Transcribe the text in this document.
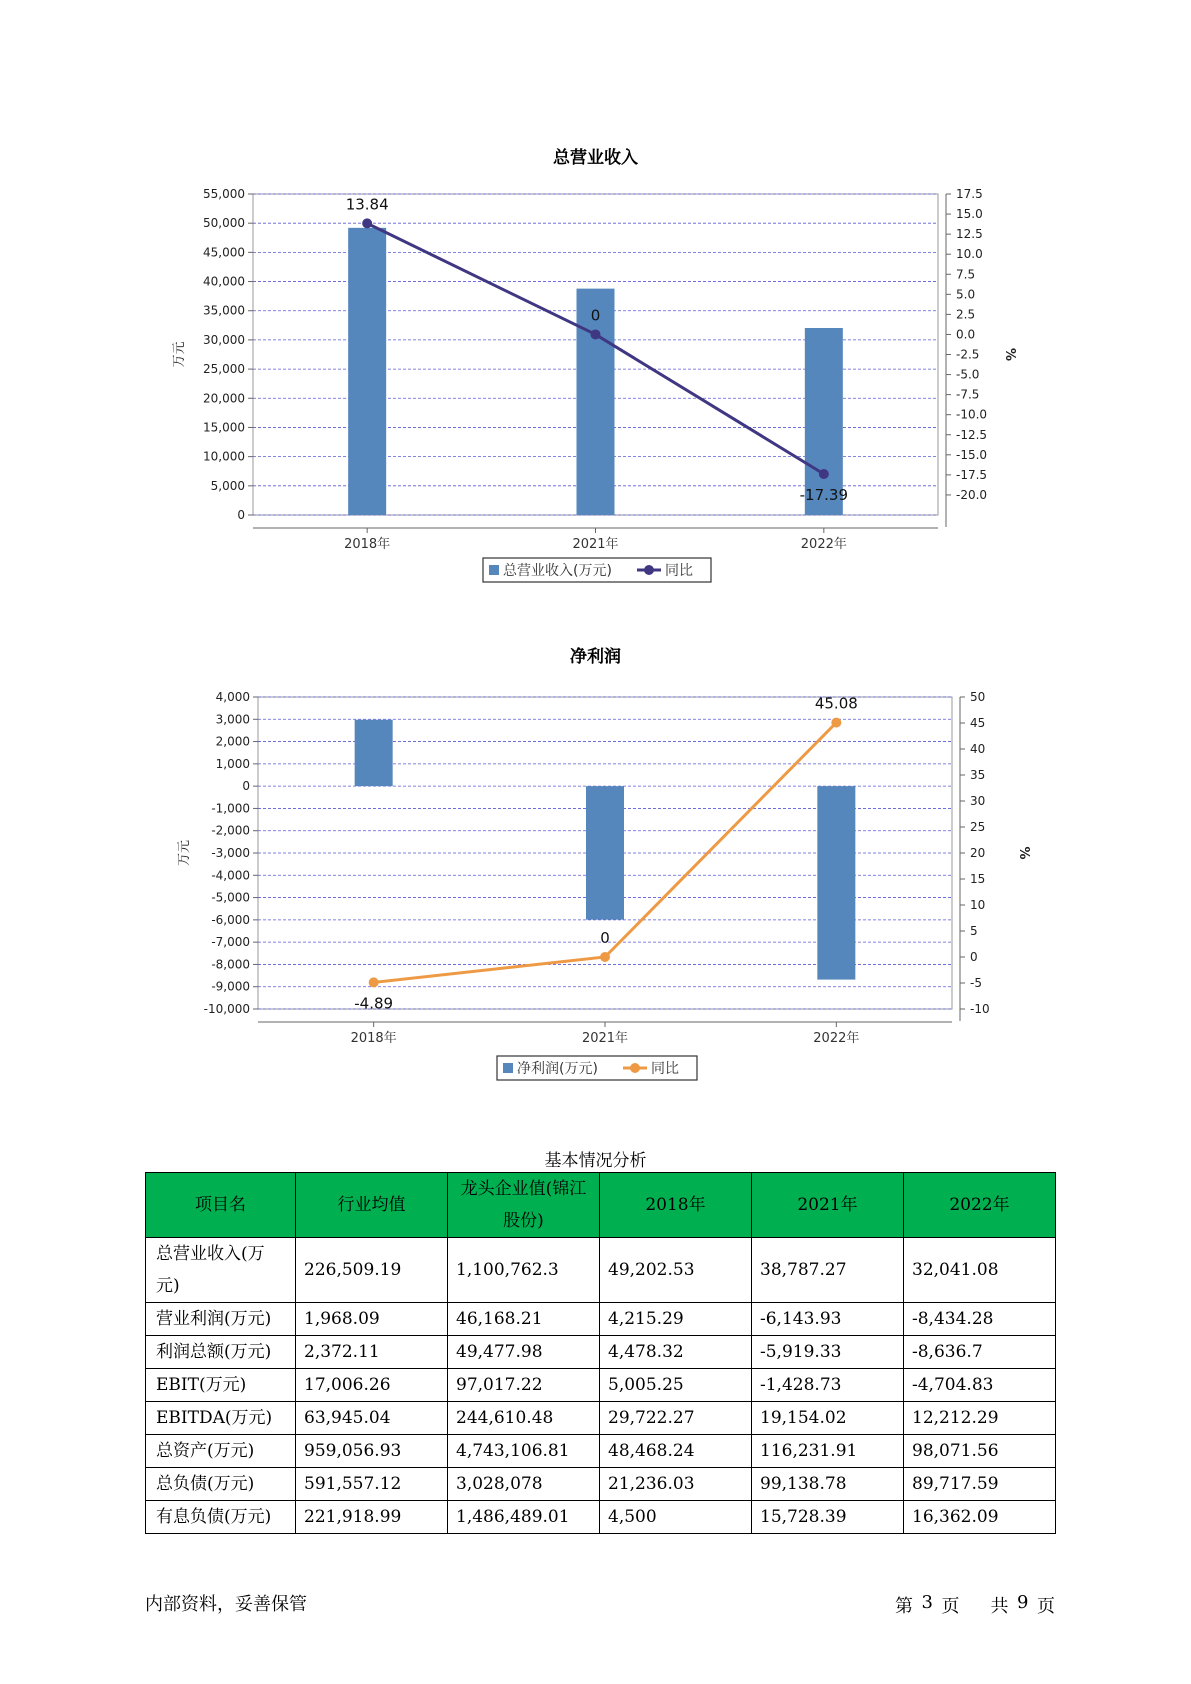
总营业收入
0
5,000
10,000
15,000
20,000
25,000
30,000
35,000
40,000
45,000
50,000
55,000	17.5
15.0
12.5
10.0
7.5
5.0
2.5
0.0
-2.5
-5.0
-7.5
-10.0
-12.5
-15.0
-17.5
-20.0
2018年	2021年	2022年
万元	%
13.84
0
-17.39
总营业收入(万元)	同比
净利润
4,000
3,000
2,000
1,000
0
-1,000
-2,000
-3,000
-4,000
-5,000
-6,000
-7,000
-8,000
-9,000
-10,000
50
45
40
35
30
25
20
15
10
5
0
-5
-10
2018年	2021年	2022年
万元	%
-4.89
0
45.08
净利润(万元)	同比
基本情况分析
项目名	行业均值	龙头企业值(锦江股份)	2018年	2021年	2022年
总营业收入(万元)	226,509.19	1,100,762.3	49,202.53	38,787.27	32,041.08
营业利润(万元)	1,968.09	46,168.21	4,215.29	-6,143.93	-8,434.28
利润总额(万元)	2,372.11	49,477.98	4,478.32	-5,919.33	-8,636.7
EBIT(万元)	17,006.26	97,017.22	5,005.25	-1,428.73	-4,704.83
EBITDA(万元)	63,945.04	244,610.48	29,722.27	19,154.02	12,212.29
总资产(万元)	959,056.93	4,743,106.81	48,468.24	116,231.91	98,071.56
总负债(万元)	591,557.12	3,028,078	21,236.03	99,138.78	89,717.59
有息负债(万元)	221,918.99	1,486,489.01	4,500	15,728.39	16,362.09
内部资料，妥善保管	第 3 页 共 9 页
